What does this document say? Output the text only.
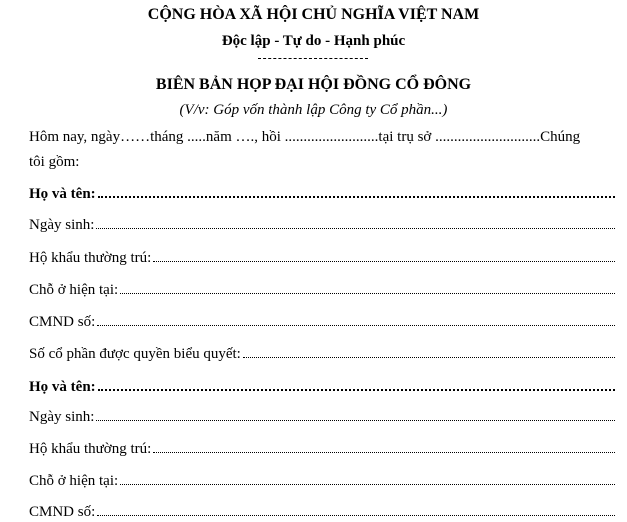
CỘNG HÒA XÃ HỘI CHỦ NGHĨA VIỆT NAM
Độc lập - Tự do - Hạnh phúc
BIÊN BẢN HỌP ĐẠI HỘI ĐỒNG CỔ ĐÔNG
(V/v: Góp vốn thành lập Công ty Cổ phần...)
Hôm nay, ngày……tháng .....năm …., hồi .........................tại trụ sở ............................Chúng
tôi gồm:
Họ và tên:
Ngày sinh:
Hộ khẩu thường trú:
Chỗ ở hiện tại:
CMND số:
Số cổ phần được quyền biểu quyết:
Họ và tên:
Ngày sinh:
Hộ khẩu thường trú:
Chỗ ở hiện tại:
CMND số:
